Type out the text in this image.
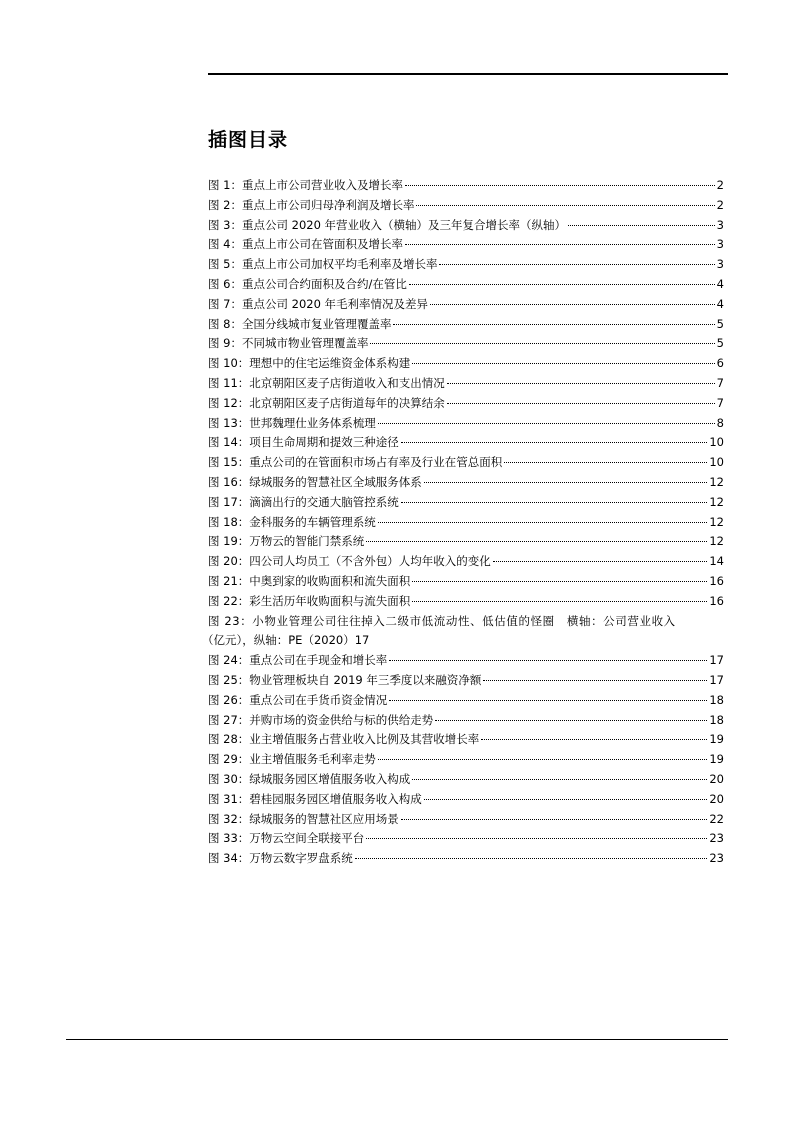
插图目录
图 1：重点上市公司营业收入及增长率	2
图 2：重点上市公司归母净利润及增长率	2
图 3：重点公司 2020 年营业收入（横轴）及三年复合增长率（纵轴）	3
图 4：重点上市公司在管面积及增长率	3
图 5：重点上市公司加权平均毛利率及增长率	3
图 6：重点公司合约面积及合约/在管比	4
图 7：重点公司 2020 年毛利率情况及差异	4
图 8：全国分线城市复业管理覆盖率	5
图 9：不同城市物业管理覆盖率	5
图 10：理想中的住宅运维资金体系构建	6
图 11：北京朝阳区麦子店街道收入和支出情况	7
图 12：北京朝阳区麦子店街道每年的决算结余	7
图 13：世邦魏理仕业务体系梳理	8
图 14：项目生命周期和提效三种途径	10
图 15：重点公司的在管面积市场占有率及行业在管总面积	10
图 16：绿城服务的智慧社区全域服务体系	12
图 17：滴滴出行的交通大脑管控系统	12
图 18：金科服务的车辆管理系统	12
图 19：万物云的智能门禁系统	12
图 20：四公司人均员工（不含外包）人均年收入的变化	14
图 21：中奥到家的收购面积和流失面积	16
图 22：彩生活历年收购面积与流失面积	16
图 23：小物业管理公司往往掉入二级市低流动性、低估值的怪圈　横轴：公司营业收入
（亿元），纵轴：PE（2020） 17
图 24：重点公司在手现金和增长率	17
图 25：物业管理板块自 2019 年三季度以来融资净额	17
图 26：重点公司在手货币资金情况	18
图 27：并购市场的资金供给与标的供给走势	18
图 28：业主增值服务占营业收入比例及其营收增长率	19
图 29：业主增值服务毛利率走势	19
图 30：绿城服务园区增值服务收入构成	20
图 31：碧桂园服务园区增值服务收入构成	20
图 32：绿城服务的智慧社区应用场景	22
图 33：万物云空间全联接平台	23
图 34：万物云数字罗盘系统	23
